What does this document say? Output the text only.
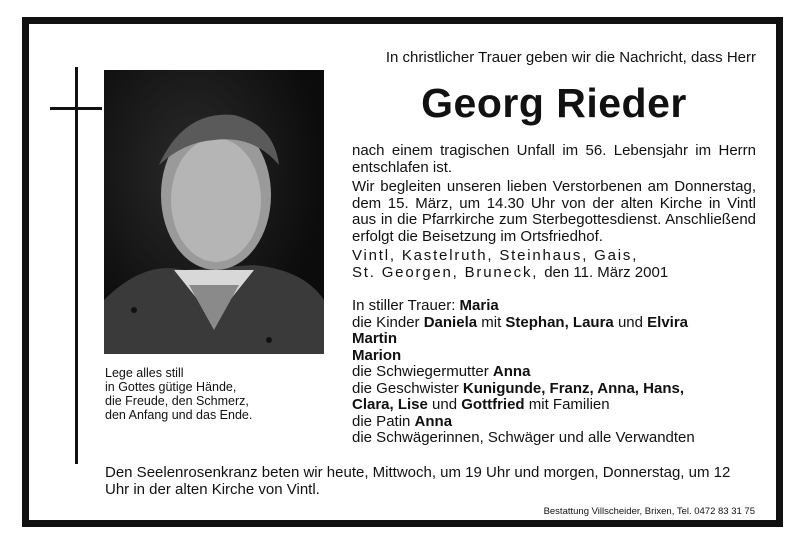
Lege alles still
in Gottes gütige Hände,
die Freude, den Schmerz,
den Anfang und das Ende.
In christlicher Trauer geben wir die Nachricht, dass Herr
Georg Rieder
nach einem tragischen Unfall im 56. Lebensjahr im Herrn entschlafen ist.
Wir begleiten unseren lieben Verstorbenen am Donnerstag, dem 15. März, um 14.30 Uhr von der alten Kirche in Vintl aus in die Pfarrkirche zum Sterbegottesdienst. Anschließend erfolgt die Beisetzung im Ortsfriedhof.
Vintl, Kastelruth, Steinhaus, Gais,
St. Georgen, Bruneck, den 11. März 2001
In stiller Trauer: Maria
die Kinder Daniela mit Stephan, Laura und Elvira
Martin
Marion
die Schwiegermutter Anna
die Geschwister Kunigunde, Franz, Anna, Hans,
Clara, Lise und Gottfried mit Familien
die Patin Anna
die Schwägerinnen, Schwäger und alle Verwandten
Den Seelenrosenkranz beten wir heute, Mittwoch, um 19 Uhr und morgen, Donnerstag, um 12 Uhr in der alten Kirche von Vintl.
Bestattung Villscheider, Brixen, Tel. 0472 83 31 75
